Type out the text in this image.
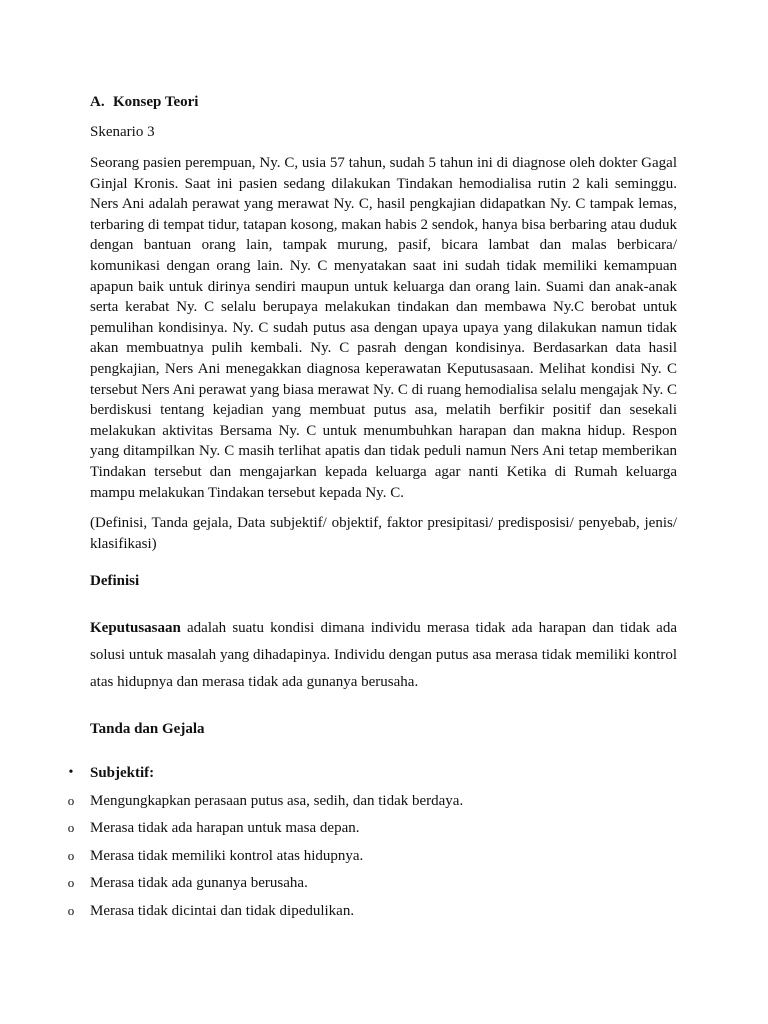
A. Konsep Teori

Skenario 3

Seorang pasien perempuan, Ny. C, usia 57 tahun, sudah 5 tahun ini di diagnose oleh dokter Gagal Ginjal Kronis. Saat ini pasien sedang dilakukan Tindakan hemodialisa rutin 2 kali seminggu. Ners Ani adalah perawat yang merawat Ny. C, hasil pengkajian didapatkan Ny. C tampak lemas, terbaring di tempat tidur, tatapan kosong, makan habis 2 sendok, hanya bisa berbaring atau duduk dengan bantuan orang lain, tampak murung, pasif, bicara lambat dan malas berbicara/ komunikasi dengan orang lain. Ny. C menyatakan saat ini sudah tidak memiliki kemampuan apapun baik untuk dirinya sendiri maupun untuk keluarga dan orang lain. Suami dan anak-anak serta kerabat Ny. C selalu berupaya melakukan tindakan dan membawa Ny.C berobat untuk pemulihan kondisinya. Ny. C sudah putus asa dengan upaya upaya yang dilakukan namun tidak akan membuatnya pulih kembali. Ny. C pasrah dengan kondisinya. Berdasarkan data hasil pengkajian, Ners Ani menegakkan diagnosa keperawatan Keputusasaan. Melihat kondisi Ny. C tersebut Ners Ani perawat yang biasa merawat Ny. C di ruang hemodialisa selalu mengajak Ny. C berdiskusi tentang kejadian yang membuat putus asa, melatih berfikir positif dan sesekali melakukan aktivitas Bersama Ny. C untuk menumbuhkan harapan dan makna hidup. Respon yang ditampilkan Ny. C masih terlihat apatis dan tidak peduli namun Ners Ani tetap memberikan Tindakan tersebut dan mengajarkan kepada keluarga agar nanti Ketika di Rumah keluarga mampu melakukan Tindakan tersebut kepada Ny. C.

(Definisi, Tanda gejala, Data subjektif/ objektif, faktor presipitasi/ predisposisi/ penyebab, jenis/ klasifikasi)

Definisi

Keputusasaan adalah suatu kondisi dimana individu merasa tidak ada harapan dan tidak ada solusi untuk masalah yang dihadapinya. Individu dengan putus asa merasa tidak memiliki kontrol atas hidupnya dan merasa tidak ada gunanya berusaha.

Tanda dan Gejala

• Subjektif:
o Mengungkapkan perasaan putus asa, sedih, dan tidak berdaya.
o Merasa tidak ada harapan untuk masa depan.
o Merasa tidak memiliki kontrol atas hidupnya.
o Merasa tidak ada gunanya berusaha.
o Merasa tidak dicintai dan tidak dipedulikan.
